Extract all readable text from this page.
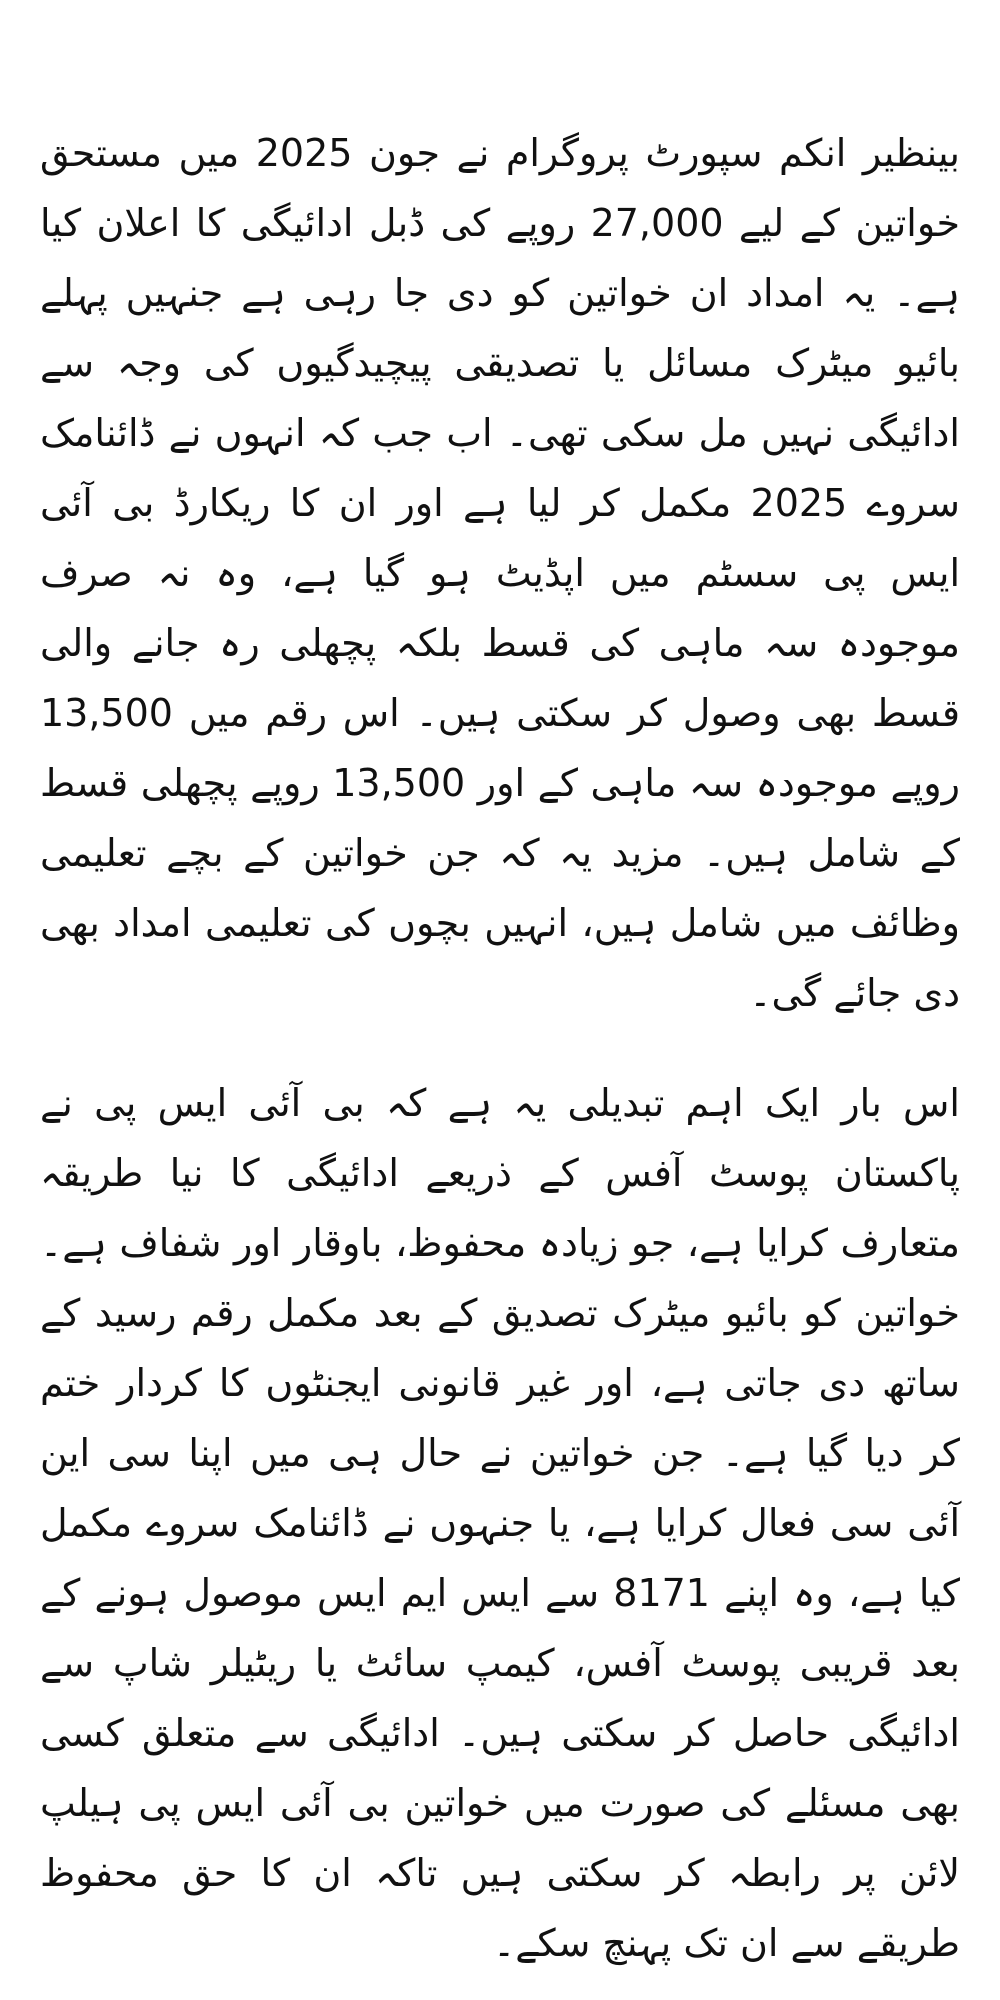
بینظیر انکم سپورٹ پروگرام نے جون 2025 میں مستحق خواتین کے لیے 27,000 روپے کی ڈبل ادائیگی کا اعلان کیا ہے۔ یہ امداد ان خواتین کو دی جا رہی ہے جنہیں پہلے بائیو میٹرک مسائل یا تصدیقی پیچیدگیوں کی وجہ سے ادائیگی نہیں مل سکی تھی۔ اب جب کہ انہوں نے ڈائنامک سروے 2025 مکمل کر لیا ہے اور ان کا ریکارڈ بی آئی ایس پی سسٹم میں اپڈیٹ ہو گیا ہے، وہ نہ صرف موجودہ سہ ماہی کی قسط بلکہ پچھلی رہ جانے والی قسط بھی وصول کر سکتی ہیں۔ اس رقم میں 13,500 روپے موجودہ سہ ماہی کے اور 13,500 روپے پچھلی قسط کے شامل ہیں۔ مزید یہ کہ جن خواتین کے بچے تعلیمی وظائف میں شامل ہیں، انہیں بچوں کی تعلیمی امداد بھی دی جائے گی۔

اس بار ایک اہم تبدیلی یہ ہے کہ بی آئی ایس پی نے پاکستان پوسٹ آفس کے ذریعے ادائیگی کا نیا طریقہ متعارف کرایا ہے، جو زیادہ محفوظ، باوقار اور شفاف ہے۔ خواتین کو بائیو میٹرک تصدیق کے بعد مکمل رقم رسید کے ساتھ دی جاتی ہے، اور غیر قانونی ایجنٹوں کا کردار ختم کر دیا گیا ہے۔ جن خواتین نے حال ہی میں اپنا سی این آئی سی فعال کرایا ہے، یا جنہوں نے ڈائنامک سروے مکمل کیا ہے، وہ اپنے 8171 سے ایس ایم ایس موصول ہونے کے بعد قریبی پوسٹ آفس، کیمپ سائٹ یا ریٹیلر شاپ سے ادائیگی حاصل کر سکتی ہیں۔ ادائیگی سے متعلق کسی بھی مسئلے کی صورت میں خواتین بی آئی ایس پی ہیلپ لائن پر رابطہ کر سکتی ہیں تاکہ ان کا حق محفوظ طریقے سے ان تک پہنچ سکے۔
